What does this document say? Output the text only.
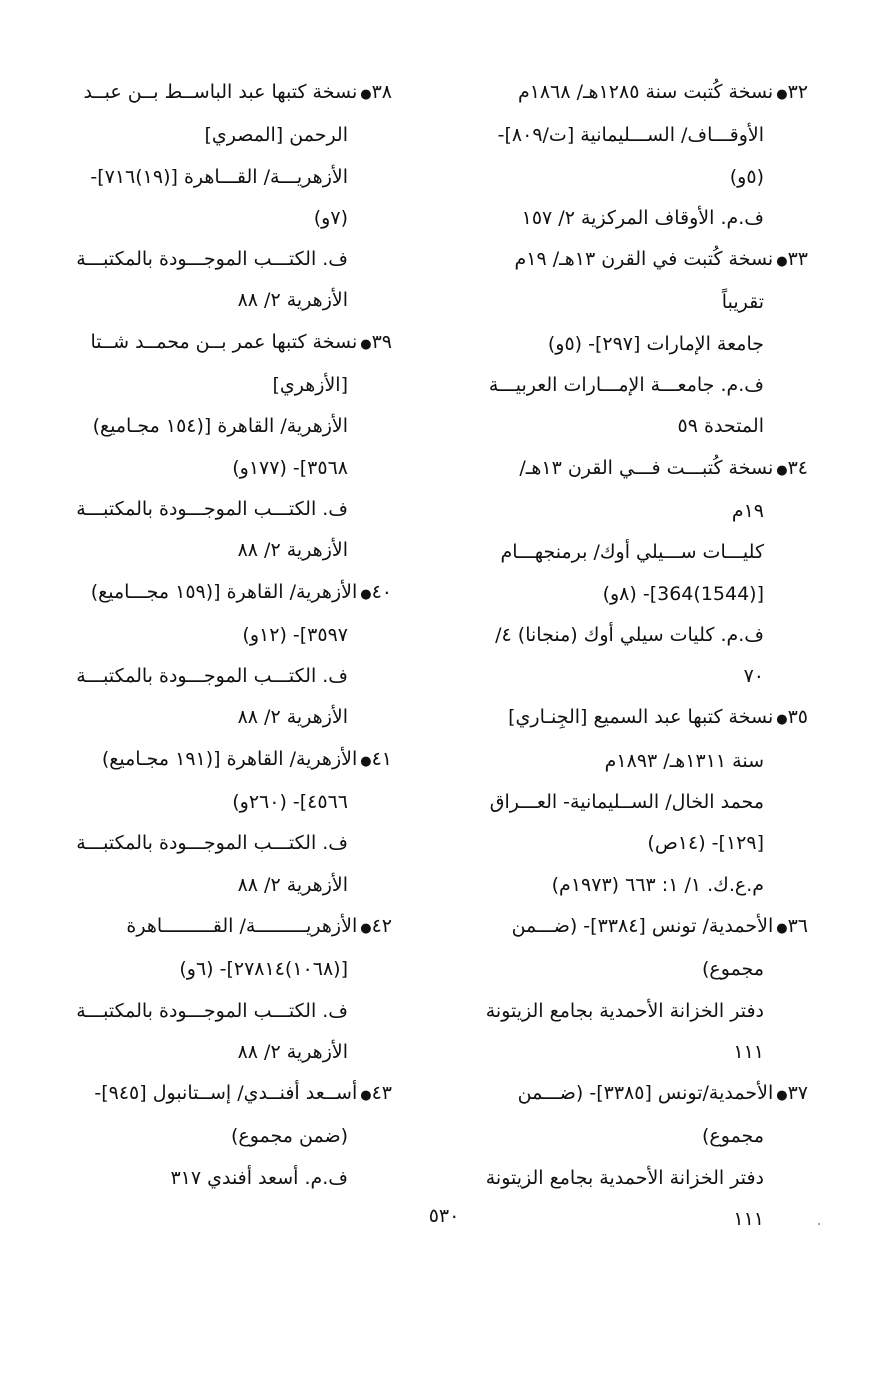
٣٢●نسخة كُتبت سنة ١٢٨٥هـ/ ١٨٦٨م
الأوقـــاف/ الســـليمانية [ت/٨٠٩]-
(٥و)
ف.م. الأوقاف المركزية ٢/ ١٥٧
٣٣●نسخة كُتبت في القرن ١٣هـ/ ١٩م
تقريباً
جامعة الإمارات [٢٩٧]- (٥و)
ف.م. جامعـــة الإمـــارات العربيـــة
المتحدة ٥٩
٣٤●نسخة كُتبـــت فـــي القرن ١٣هـ/
١٩م
كليـــات ســـيلي أوك/ برمنجهـــام
[(1544)364]- (٨و)
ف.م. كليات سيلي أوك (منجانا) ٤/
٧٠
٣٥●نسخة كتبها عبد السميع [الجِنـاري]
سنة ١٣١١هـ/ ١٨٩٣م
محمد الخال/ الســليمانية- العـــراق
[١٢٩]- (١٤ص)
م.ع.ك. ١/ ١: ٦٦٣ (١٩٧٣م)
٣٦●الأحمدية/ تونس [٣٣٨٤]- (ضـــمن
مجموع)
دفتر الخزانة الأحمدية بجامع الزيتونة
١١١
٣٧●الأحمدية/تونس [٣٣٨٥]- (ضـــمن
مجموع)
دفتر الخزانة الأحمدية بجامع الزيتونة
١١١
٣٨●نسخة كتبها عبد الباســط بــن عبــد
الرحمن [المصري]
الأزهريـــة/ القـــاهرة [(١٩)٧١٦]-
(٧و)
ف. الكتـــب الموجـــودة بالمكتبـــة
الأزهرية ٢/ ٨٨
٣٩●نسخة كتبها عمر بــن محمــد شــتا
[الأزهري]
الأزهرية/ القاهرة [(١٥٤ مجـاميع)
٣٥٦٨]- (١٧٧و)
ف. الكتـــب الموجـــودة بالمكتبـــة
الأزهرية ٢/ ٨٨
٤٠●الأزهرية/ القاهرة [(١٥٩ مجـــاميع)
٣٥٩٧]- (١٢و)
ف. الكتـــب الموجـــودة بالمكتبـــة
الأزهرية ٢/ ٨٨
٤١●الأزهرية/ القاهرة [(١٩١ مجـاميع)
٤٥٦٦]- (٢٦٠و)
ف. الكتـــب الموجـــودة بالمكتبـــة
الأزهرية ٢/ ٨٨
٤٢●الأزهريـــــــــة/ القـــــــــاهرة
[(١٠٦٨)٢٧٨١٤]- (٦و)
ف. الكتـــب الموجـــودة بالمكتبـــة
الأزهرية ٢/ ٨٨
٤٣●أســعد أفنــدي/ إســتانبول [٩٤٥]-
(ضمن مجموع)
ف.م. أسعد أفندي ٣١٧
٥٣٠
